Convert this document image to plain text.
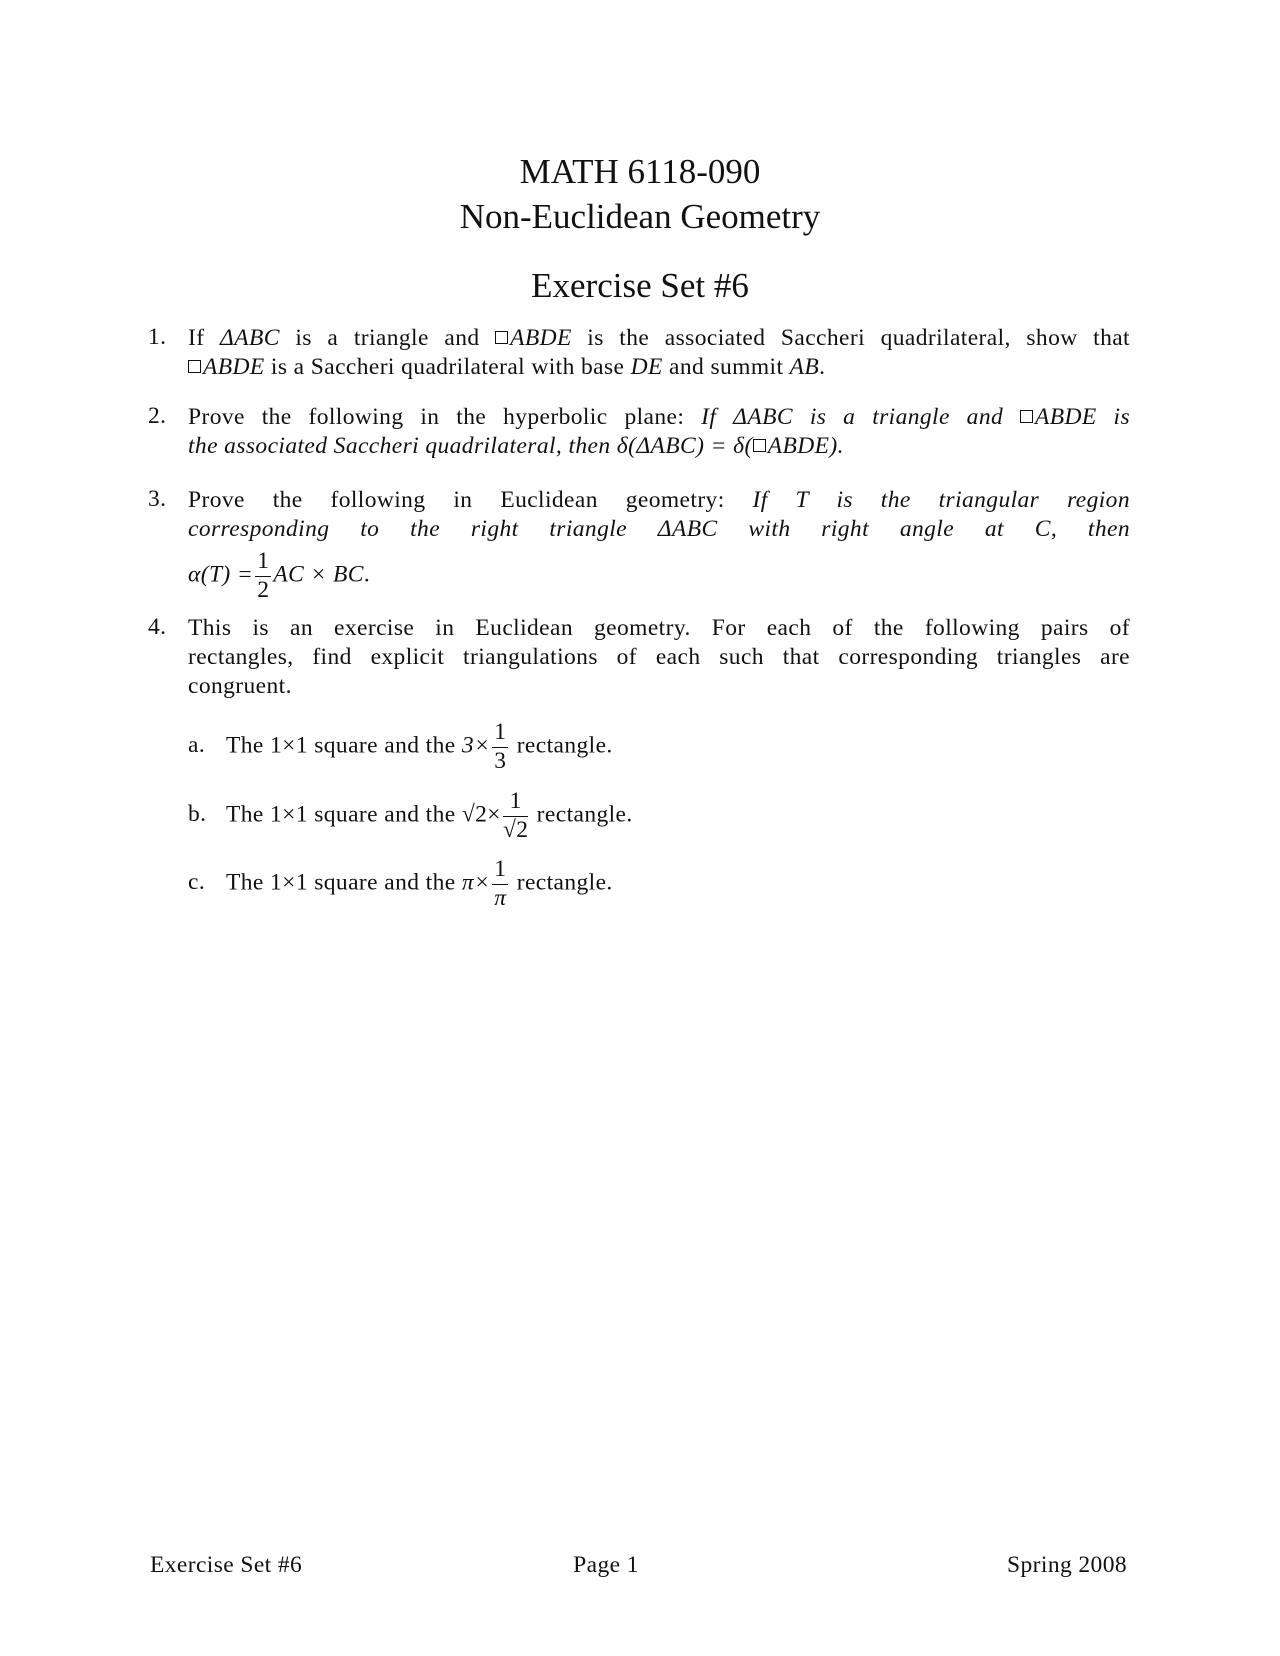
MATH 6118-090
Non-Euclidean Geometry
Exercise Set #6
1. If ΔABC is a triangle and ABDE is the associated Saccheri quadrilateral, show that
ABDE is a Saccheri quadrilateral with base DE and summit AB.
2. Prove the following in the hyperbolic plane: If ΔABC is a triangle and ABDE is
the associated Saccheri quadrilateral, then δ(ΔABC) = δ( ABDE).
3. Prove the following in Euclidean geometry: If T is the triangular region
corresponding to the right triangle ΔABC with right angle at C, then
$\alpha(T) = \frac{1}{2}$ AC × BC.
4. This is an exercise in Euclidean geometry. For each of the following pairs of
rectangles, find explicit triangulations of each such that corresponding triangles are
congruent.
a. The 1×1 square and the $3\times \frac{1}{3}$ rectangle.
b. The 1×1 square and the $√2\times \frac{1}{√2}$ rectangle.
c. The 1×1 square and the $\pi\times \frac{1}{\pi}$ rectangle.
Exercise Set #6	Page 1	Spring 2008
